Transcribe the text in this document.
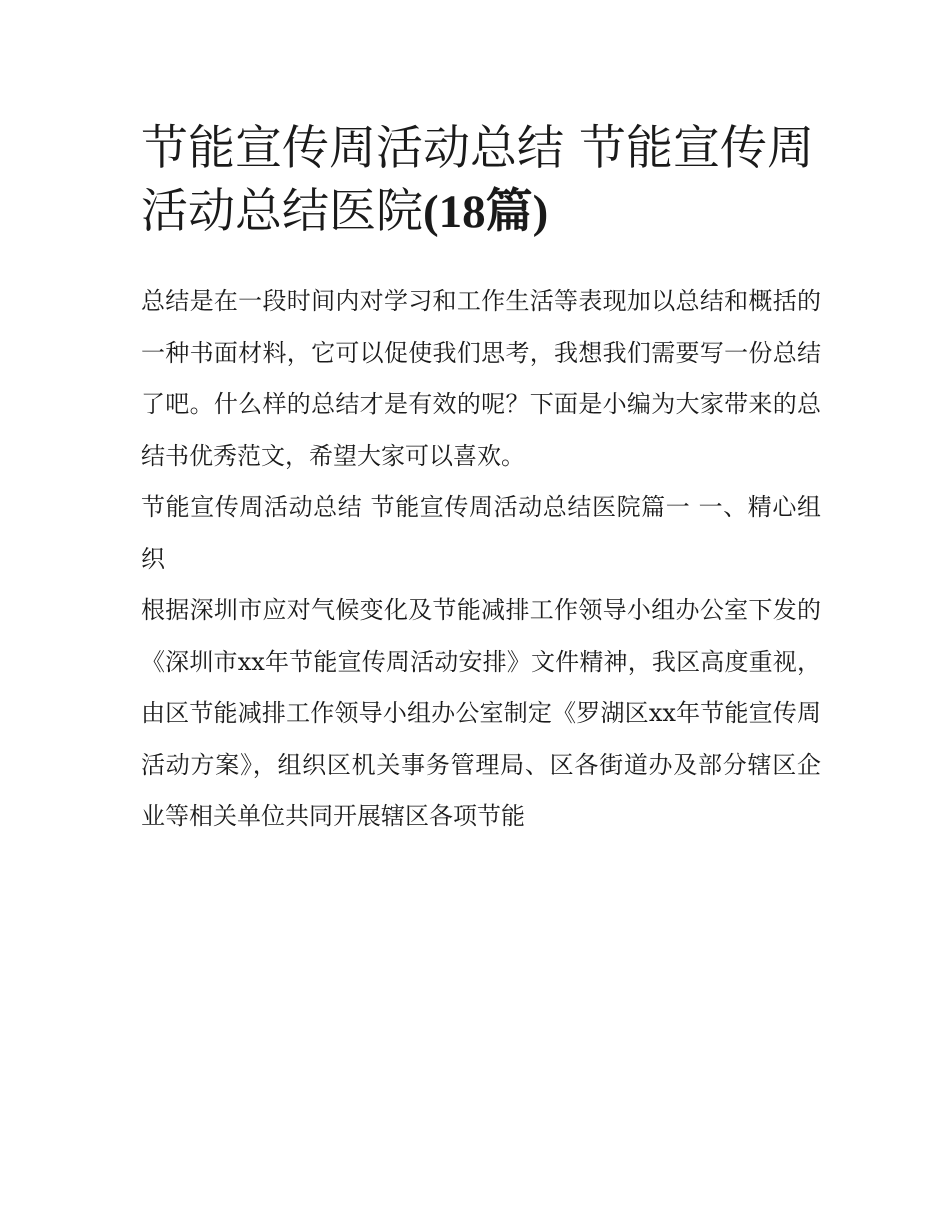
节能宣传周活动总结 节能宣传周活动总结医院(18篇)

总结是在一段时间内对学习和工作生活等表现加以总结和概括的一种书面材料，它可以促使我们思考，我想我们需要写一份总结了吧。什么样的总结才是有效的呢？下面是小编为大家带来的总结书优秀范文，希望大家可以喜欢。

节能宣传周活动总结 节能宣传周活动总结医院篇一 一、精心组织

根据深圳市应对气候变化及节能减排工作领导小组办公室下发的《深圳市xx年节能宣传周活动安排》文件精神，我区高度重视，由区节能减排工作领导小组办公室制定《罗湖区xx年节能宣传周活动方案》，组织区机关事务管理局、区各街道办及部分辖区企业等相关单位共同开展辖区各项节能
